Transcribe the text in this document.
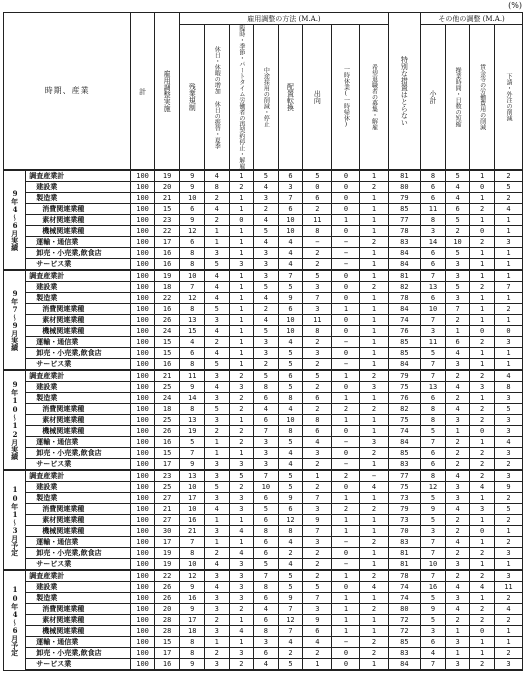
(%)
時期、産業		計	雇用調整実施	雇用調整の方法 (M.A.)								特別な措置はとらない	その他の調整 (M.A.)			
				残業規制	休日・休暇の増加 休日の振替・夏季	臨時・季節・パートタイム労働者の再契約停止・解雇	中途採用の削減・停止	配置転換	出向	一時休業(一時帰休)	希望退職者の募集・解雇		小計	操業時間・日数の短縮	賃金等の労働費用の削減	下請・外注の削減
9年4〜6月実績	調査産業計	100	19	9	4	1	5	6	5	0	1	81	8	5	1	2
	建設業	100	20	9	8	2	4	3	0	0	2	80	6	4	0	5
	製造業	100	21	10	2	1	3	7	6	0	1	79	6	4	1	2
	消費関連業種	100	15	6	4	1	2	6	2	0	1	85	11	6	2	4
	素材関連業種	100	23	9	2	0	4	10	11	1	1	77	8	5	1	1
	機械関連業種	100	22	12	1	1	5	10	8	0	1	78	3	2	0	1
	運輸・通信業	100	17	6	1	1	4	4	−	−	2	83	14	10	2	3
	卸売・小売業,飲食店	100	16	8	3	1	3	4	2	−	1	84	6	5	1	1
	サービス業	100	16	8	5	3	3	4	2	−	1	84	6	3	1	1
9年7〜9月実績	調査産業計	100	19	10	4	1	3	7	5	0	1	81	7	3	1	1
	建設業	100	18	7	4	1	5	5	3	0	2	82	13	5	2	7
	製造業	100	22	12	4	1	4	9	7	0	1	78	6	3	1	1
	消費関連業種	100	16	8	5	1	2	6	3	1	1	84	10	7	1	2
	素材関連業種	100	26	13	3	1	4	10	11	0	1	74	7	2	1	1
	機械関連業種	100	24	15	4	1	5	10	8	0	1	76	3	1	0	0
	運輸・通信業	100	15	4	2	1	3	4	2	−	1	85	11	6	2	3
	卸売・小売業,飲食店	100	15	6	4	1	3	5	3	0	1	85	5	4	1	1
	サービス業	100	16	8	5	1	2	5	2	−	1	84	7	3	1	1
9年10〜12月実績	調査産業計	100	21	11	3	2	5	6	5	1	2	79	7	2	2	4
	建設業	100	25	9	4	3	8	5	2	0	3	75	13	4	3	8
	製造業	100	24	14	3	2	6	8	6	1	1	76	6	2	1	3
	消費関連業種	100	18	8	5	2	4	4	2	2	2	82	8	4	2	5
	素材関連業種	100	25	13	3	1	6	10	8	1	1	75	8	3	2	3
	機械関連業種	100	26	19	2	2	7	8	6	0	1	74	5	1	0	3
	運輸・通信業	100	16	5	1	2	3	5	4	−	3	84	7	2	1	4
	卸売・小売業,飲食店	100	15	7	1	1	3	4	3	0	2	85	6	2	2	3
	サービス業	100	17	9	3	3	3	4	2	−	1	83	6	2	2	2
10年1〜3月予定	調査産業計	100	23	13	3	5	7	5	1	2	−	77	8	4	2	3
	建設業	100	25	10	5	2	10	5	2	0	4	75	12	3	4	9
	製造業	100	27	17	3	3	6	9	7	1	1	73	5	3	1	2
	消費関連業種	100	21	10	4	3	5	6	3	2	2	79	9	4	3	5
	素材関連業種	100	27	16	1	1	6	12	9	1	1	73	5	2	1	2
	機械関連業種	100	30	21	3	4	8	8	7	1	1	70	3	2	0	1
	運輸・通信業	100	17	7	1	1	6	4	3	−	2	83	7	4	1	2
	卸売・小売業,飲食店	100	19	8	2	4	6	2	2	0	1	81	7	2	2	3
	サービス業	100	19	10	4	3	5	4	2	−	1	81	10	3	1	1
10年4〜6月予定	調査産業計	100	22	12	3	3	7	5	2	1	2	78	7	2	2	3
	建設業	100	26	9	4	3	8	5	5	0	4	74	16	4	4	11
	製造業	100	26	16	3	3	6	9	7	1	1	74	5	3	1	2
	消費関連業種	100	20	9	3	2	4	7	3	1	2	80	9	4	2	4
	素材関連業種	100	28	17	2	1	6	12	9	1	1	72	5	2	2	2
	機械関連業種	100	28	18	3	4	8	7	6	1	1	72	3	1	0	1
	運輸・通信業	100	15	8	1	1	3	4	4	−	2	85	6	3	1	1
	卸売・小売業,飲食店	100	17	8	2	3	6	2	2	0	2	83	4	1	1	2
	サービス業	100	16	9	3	2	4	5	1	0	1	84	7	3	2	3
